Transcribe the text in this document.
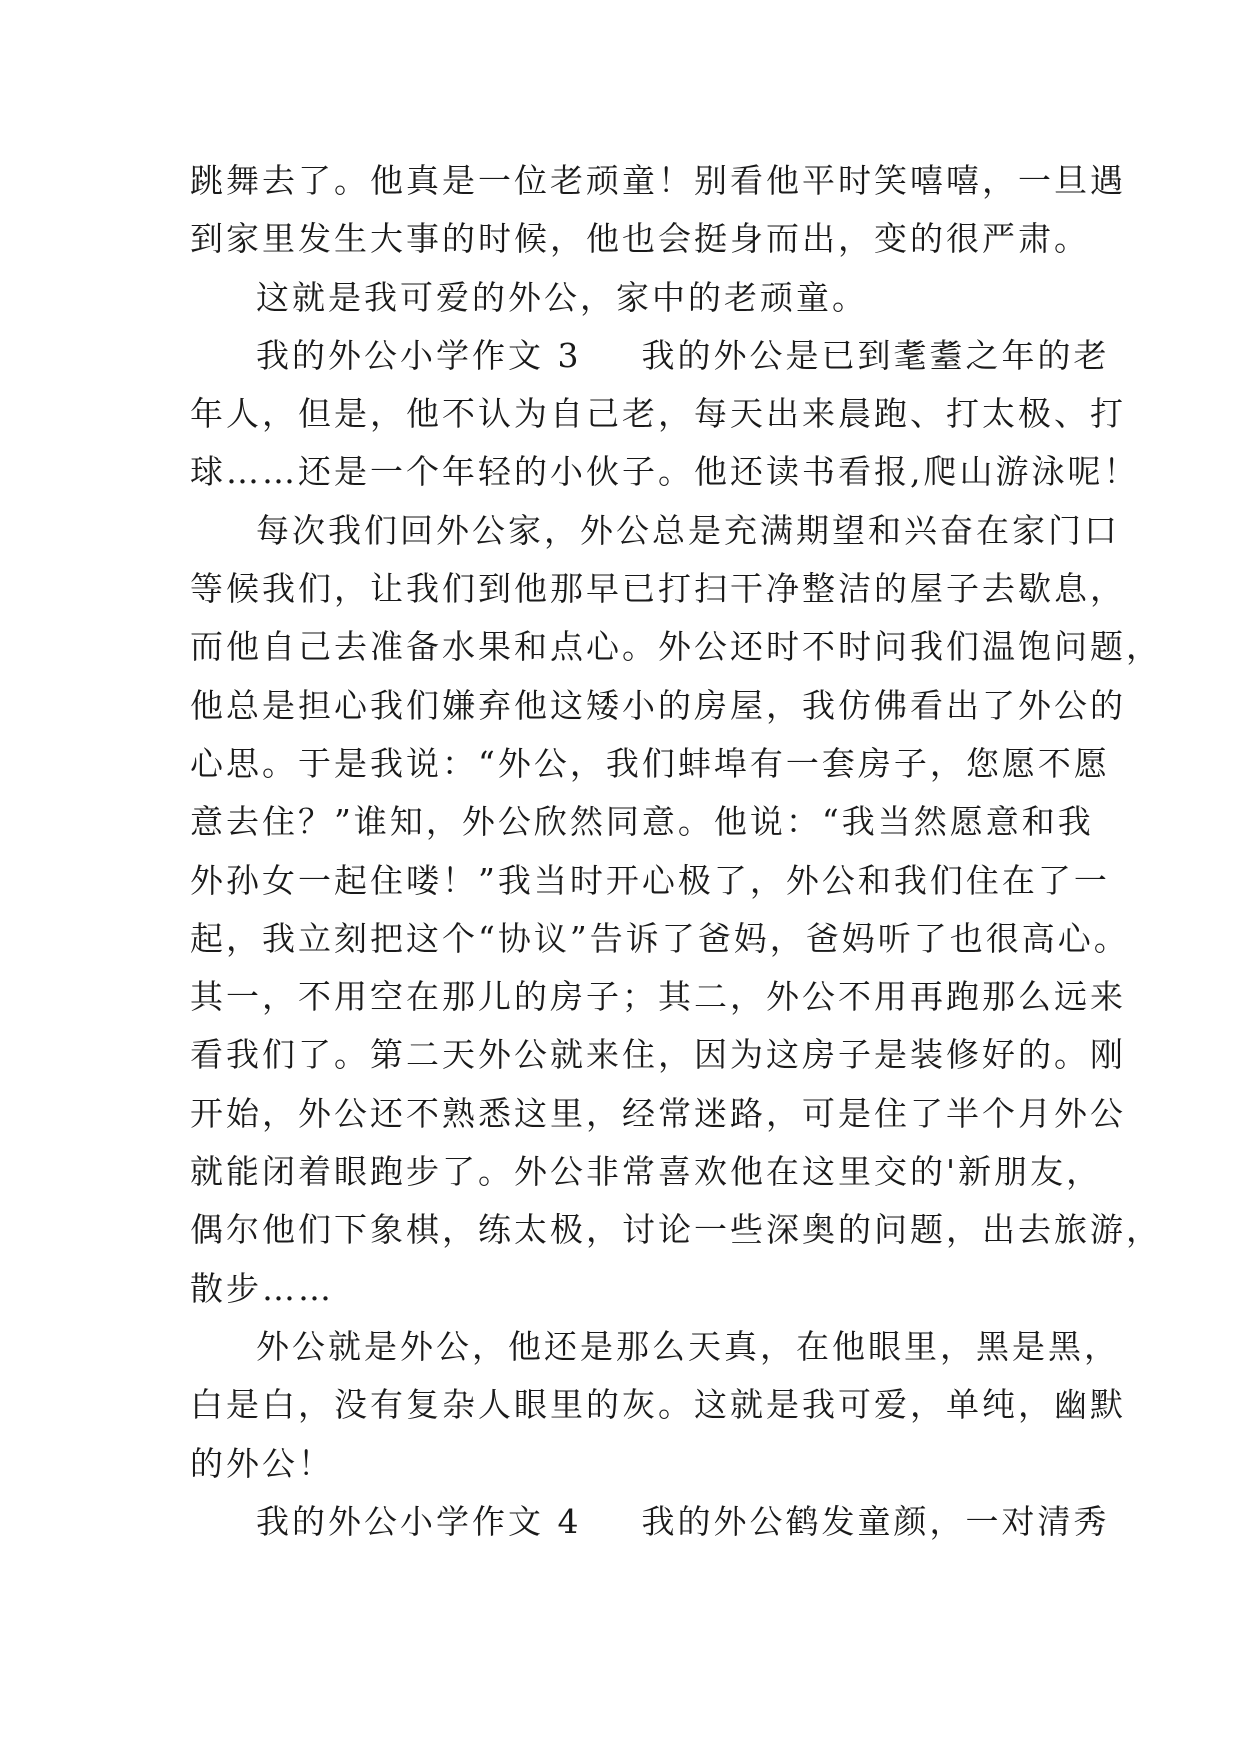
跳舞去了。他真是一位老顽童！别看他平时笑嘻嘻，一旦遇
到家里发生大事的时候，他也会挺身而出，变的很严肃。
这就是我可爱的外公，家中的老顽童。
我的外公小学作文 3 我的外公是已到耄耋之年的老
年人，但是，他不认为自己老，每天出来晨跑、打太极、打
球……还是一个年轻的小伙子。他还读书看报,爬山游泳呢！
每次我们回外公家，外公总是充满期望和兴奋在家门口
等候我们，让我们到他那早已打扫干净整洁的屋子去歇息，
而他自己去准备水果和点心。外公还时不时问我们温饱问题，
他总是担心我们嫌弃他这矮小的房屋，我仿佛看出了外公的
心思。于是我说：“外公，我们蚌埠有一套房子，您愿不愿
意去住？”谁知，外公欣然同意。他说：“我当然愿意和我
外孙女一起住喽！”我当时开心极了，外公和我们住在了一
起，我立刻把这个“协议”告诉了爸妈，爸妈听了也很高心。
其一，不用空在那儿的房子；其二，外公不用再跑那么远来
看我们了。第二天外公就来住，因为这房子是装修好的。刚
开始，外公还不熟悉这里，经常迷路，可是住了半个月外公
就能闭着眼跑步了。外公非常喜欢他在这里交的'新朋友，
偶尔他们下象棋，练太极，讨论一些深奥的问题，出去旅游，
散步……
外公就是外公，他还是那么天真，在他眼里，黑是黑，
白是白，没有复杂人眼里的灰。这就是我可爱，单纯，幽默
的外公！
我的外公小学作文 4 我的外公鹤发童颜，一对清秀
